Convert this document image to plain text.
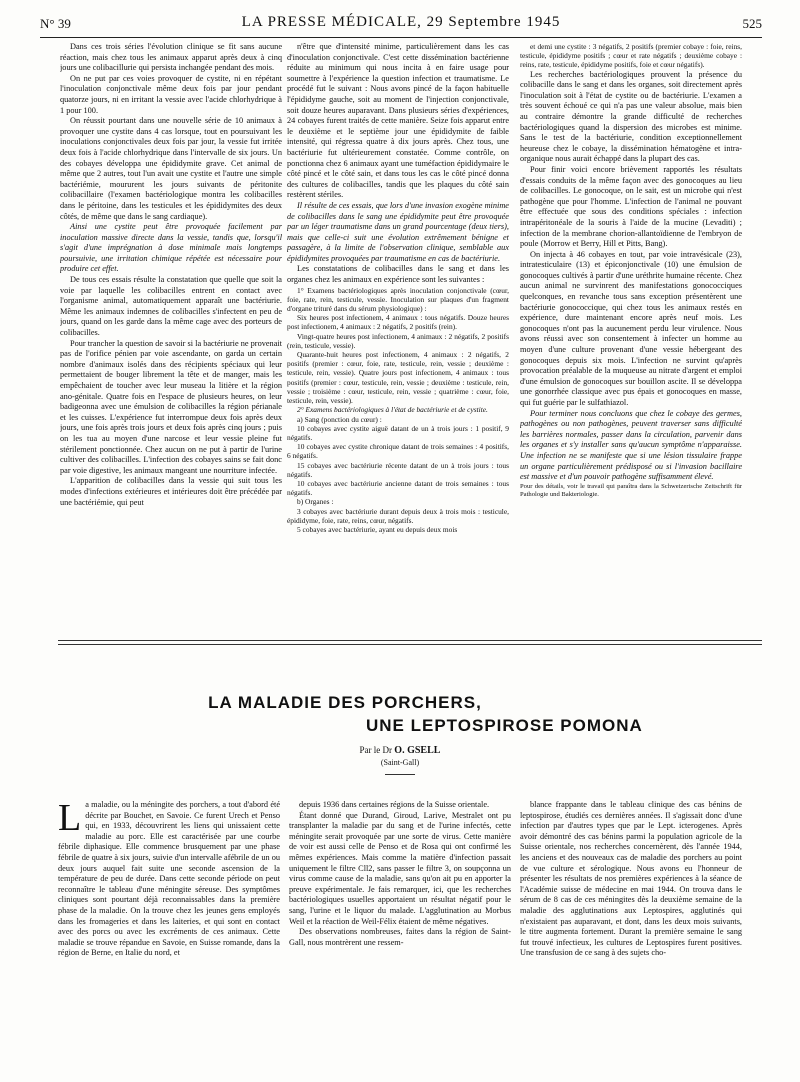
N° 39	LA PRESSE MÉDICALE, 29 Septembre 1945	525

Dans ces trois séries l'évolution clinique se fit sans aucune réaction, mais chez tous les animaux apparut après deux à cinq jours une colibacillurie qui persista inchangée pendant des mois.

On ne put par ces voies provoquer de cystite, ni en répétant l'inoculation conjonctivale même deux fois par jour pendant quatorze jours, ni en irritant la vessie avec l'acide chlorhydrique à 1 pour 100.

On réussit pourtant dans une nouvelle série de 10 animaux à provoquer une cystite dans 4 cas lorsque, tout en poursuivant les inoculations conjonctivales deux fois par jour, la vessie fut irritée deux fois à l'acide chlorhydrique dans l'intervalle de six jours. Un des cobayes développa une épididymite grave. Cet animal de même que 2 autres, tout l'un avait une cystite et l'autre une simple bactériémie, moururent les jours suivants de péritonite colibacillaire (l'examen bactériologique montra les colibacilles dans le péritoine, dans les testicules et les épididymites des deux côtés, de même que dans le sang cardiaque).

Ainsi une cystite peut être provoquée facilement par inoculation massive directe dans la vessie, tandis que, lorsqu'il s'agit d'une imprégnation à dose minimale mais longtemps poursuivie, une irritation chimique répétée est nécessaire pour produire cet effet.

De tous ces essais résulte la constatation que quelle que soit la voie par laquelle les colibacilles entrent en contact avec l'organisme animal, automatiquement apparaît une bactériurie. Même les animaux indemnes de colibacilles s'infectent en peu de jours, quand on les garde dans la même cage avec des porteurs de colibacilles.

Pour trancher la question de savoir si la bactériurie ne provenait pas de l'orifice pénien par voie ascendante, on garda un certain nombre d'animaux isolés dans des récipients spéciaux qui leur permettaient de bouger librement la tête et de manger, mais les empêchaient de toucher avec leur museau la litière et la région ano-génitale. Quatre fois en l'espace de plusieurs heures, on leur badigeonna avec une émulsion de colibacilles la région périanale et les cuisses. L'expérience fut interrompue deux fois après deux jours, une fois après trois jours et deux fois après cinq jours ; puis on les tua au moyen d'une narcose et leur vessie pleine fut stérilement ponctionnée. Chez aucun on ne put à partir de l'urine cultiver des colibacilles. L'infection des cobayes sains se fait donc par voie digestive, les animaux mangeant une nourriture infectée.

L'apparition de colibacilles dans la vessie qui suit tous les modes d'infections extérieures et intérieures doit être précédée par une bactériémie, qui peut

n'être que d'intensité minime, particulièrement dans les cas d'inoculation conjonctivale. C'est cette dissémination bactérienne réduite au minimum qui nous incita à en faire usage pour soumettre à l'expérience la question infection et traumatisme. Le procédé fut le suivant : Nous avons pincé de la façon habituelle l'épididyme gauche, soit au moment de l'injection conjonctivale, soit douze heures auparavant. Dans plusieurs séries d'expériences, 24 cobayes furent traités de cette manière. Seize fois apparut entre le deuxième et le septième jour une épididymite de faible intensité, qui régressa quatre à dix jours après. Chez tous, une bactériurie fut ultérieurement constatée. Comme contrôle, on ponctionna chez 6 animaux ayant une tuméfaction épididymaire le côté pincé et le côté sain, et dans tous les cas le côté pincé donna des cultures de colibacilles, tandis que les plaques du côté sain restèrent stériles.

Il résulte de ces essais, que lors d'une invasion exogène minime de colibacilles dans le sang une épididymite peut être provoquée par un léger traumatisme dans un grand pourcentage (deux tiers), mais que celle-ci suit une évolution extrêmement bénigne et passagère, à la limite de l'observation clinique, semblable aux épididymites provoquées par traumatisme en cas de bactériurie.

Les constatations de colibacilles dans le sang et dans les organes chez les animaux en expérience sont les suivantes :

1° Examens bactériologiques après inoculation conjonctivale (cœur, foie, rate, rein, testicule, vessie. Inoculation sur plaques d'un fragment d'organe trituré dans du sérum physiologique) :

Six heures post infectionem, 4 animaux : tous négatifs. Douze heures post infectionem, 4 animaux : 2 négatifs, 2 positifs (rein).

Vingt-quatre heures post infectionem, 4 animaux : 2 négatifs, 2 positifs (rein, testicule, vessie).

Quarante-huit heures post infectionem, 4 animaux : 2 négatifs, 2 positifs (premier : cœur, foie, rate, testicule, rein, vessie ; deuxième : testicule, rein, vessie). Quatre jours post infectionem, 4 animaux : tous positifs (premier : cœur, testicule, rein, vessie ; deuxième : testicule, rein, vessie ; troisième : cœur, testicule, rein, vessie ; quatrième : cœur, foie, testicule, rein, vessie).

2° Examens bactériologiques à l'état de bactériurie et de cystite.

a) Sang (ponction du cœur) :

10 cobayes avec cystite aiguë datant de un à trois jours : 1 positif, 9 négatifs.

10 cobayes avec cystite chronique datant de trois semaines : 4 positifs, 6 négatifs.

15 cobayes avec bactériurie récente datant de un à trois jours : tous négatifs.

10 cobayes avec bactériurie ancienne datant de trois semaines : tous négatifs.

b) Organes :

3 cobayes avec bactériurie durant depuis deux à trois mois : testicule, épididyme, foie, rate, reins, cœur, négatifs.

5 cobayes avec bactériurie, ayant eu depuis deux mois

et demi une cystite : 3 négatifs, 2 positifs (premier cobaye : foie, reins, testicule, épididyme positifs ; cœur et rate négatifs ; deuxième cobaye : reins, rate, testicule, épididyme positifs, foie et cœur négatifs).

Les recherches bactériologiques prouvent la présence du colibacille dans le sang et dans les organes, soit directement après l'inoculation soit à l'état de cystite ou de bactériurie. L'examen a très souvent échoué ce qui n'a pas une valeur absolue, mais bien au contraire démontre la grande difficulté de recherches bactériologiques quand la dispersion des microbes est minime. Sans le test de la bactériurie, condition exceptionnellement heureuse chez le cobaye, la dissémination hématogène et intra-organique nous aurait échappé dans la plupart des cas.

Pour finir voici encore brièvement rapportés les résultats d'essais conduits de la même façon avec des gonocoques au lieu de colibacilles. Le gonocoque, on le sait, est un microbe qui n'est pathogène que pour l'homme. L'infection de l'animal ne pouvant être effectuée que sous des conditions spéciales : infection intrapéritonéale de la souris à l'aide de la mucine (Levaditi) ; infection de la membrane chorion-allantoïdienne de l'embryon de poule (Morrow et Berry, Hill et Pitts, Bang).

On injecta à 46 cobayes en tout, par voie intravésicale (23), intratesticulaire (13) et épiconjonctivale (10) une émulsion de gonocoques cultivés à partir d'une uréthrite humaine récente. Chez aucun animal ne survinrent des manifestations gonococciques quelconques, en revanche tous sans exception présentèrent une bactériurie gonococcique, qui chez tous les animaux restés en expérience, dure maintenant encore après neuf mois. Les gonocoques n'ont pas la aucunement perdu leur virulence. Nous avons réussi avec son consentement à infecter un homme au moyen d'une culture provenant d'une vessie hébergeant des gonocoques depuis six mois. L'infection ne survint qu'après provocation préalable de la muqueuse au nitrate d'argent et emploi d'une émulsion de gonocoques sur bouillon ascite. Il se développa une gonorrhée classique avec pus épais et gonocoques en masse, qui fut guérie par le sulfathiazol.

Pour terminer nous concluons que chez le cobaye des germes, pathogènes ou non pathogènes, peuvent traverser sans difficulté les barrières normales, passer dans la circulation, parvenir dans les organes et s'y installer sans qu'aucun symptôme n'apparaisse. Une infection ne se manifeste que si une lésion tissulaire frappe un organe particulièrement prédisposé ou si l'invasion bacillaire est massive et d'un pouvoir pathogène suffisamment élevé.

Pour des détails, voir le travail qui paraîtra dans la Schweizerische Zeitschrift für Pathologie und Bakteriologie.

LA MALADIE DES PORCHERS,
UNE LEPTOSPIROSE POMONA
Par le Dr O. GSELL
(Saint-Gall)
L a maladie, ou la méningite des porchers, a tout d'abord été décrite par Bouchet, en Savoie. Ce furent Urech et Penso qui, en 1933, découvrirent les liens qui unissaient cette maladie au porc. Elle est caractérisée par une courbe fébrile diphasique. Elle commence brusquement par une phase fébrile de quatre à six jours, suivie d'un intervalle afébrile de un ou deux jours auquel fait suite une seconde ascension de la température de peu de durée. Dans cette seconde période on peut reconnaître le tableau d'une méningite séreuse. Des symptômes cliniques sont pourtant déjà reconnaissables dans la première phase de la maladie. On la trouve chez les jeunes gens employés dans les fromageries et dans les laiteries, et qui sont en contact avec des porcs ou avec les excréments de ces animaux. Cette maladie se trouve répandue en Savoie, en Suisse romande, dans la région de Berne, en Italie du nord, et

depuis 1936 dans certaines régions de la Suisse orientale.

Étant donné que Durand, Giroud, Larive, Mestralet ont pu transplanter la maladie par du sang et de l'urine infectés, cette méningite serait provoquée par une sorte de virus. Cette manière de voir est aussi celle de Penso et de Rosa qui ont confirmé les mêmes expériences. Mais comme la matière d'infection passait uniquement le filtre Cll2, sans passer le filtre 3, on soupçonna un virus comme cause de la maladie, sans qu'on ait pu en apporter la preuve expérimentale. Je fais remarquer, ici, que les recherches bactériologiques usuelles apportaient un résultat négatif pour le sang, l'urine et le liquor du malade. L'agglutination au Morbus Weil et la réaction de Weil-Félix étaient de même négatives.

Des observations nombreuses, faites dans la région de Saint-Gall, nous montrèrent une ressem-

blance frappante dans le tableau clinique des cas bénins de leptospirose, étudiés ces dernières années. Il s'agissait donc d'une infection par d'autres types que par le Lept. icterogenes. Après avoir démontré des cas bénins parmi la population agricole de la Suisse orientale, nos recherches concernèrent, dès l'année 1944, les anciens et des nouveaux cas de maladie des porchers au point de vue culture et sérologique. Nous avons eu l'honneur de présenter les résultats de nos premières expériences à la séance de l'Académie suisse de médecine en mai 1944. On trouva dans le sérum de 8 cas de ces méningites dès la deuxième semaine de la maladie des agglutinations aux Leptospires, agglutinés qui n'existaient pas auparavant, et dont, dans les deux mois suivants, le titre augmenta fortement. Durant la première semaine le sang fut trouvé infectieux, les cultures de Leptospires furent positives. Une transfusion de ce sang à des sujets cho-
